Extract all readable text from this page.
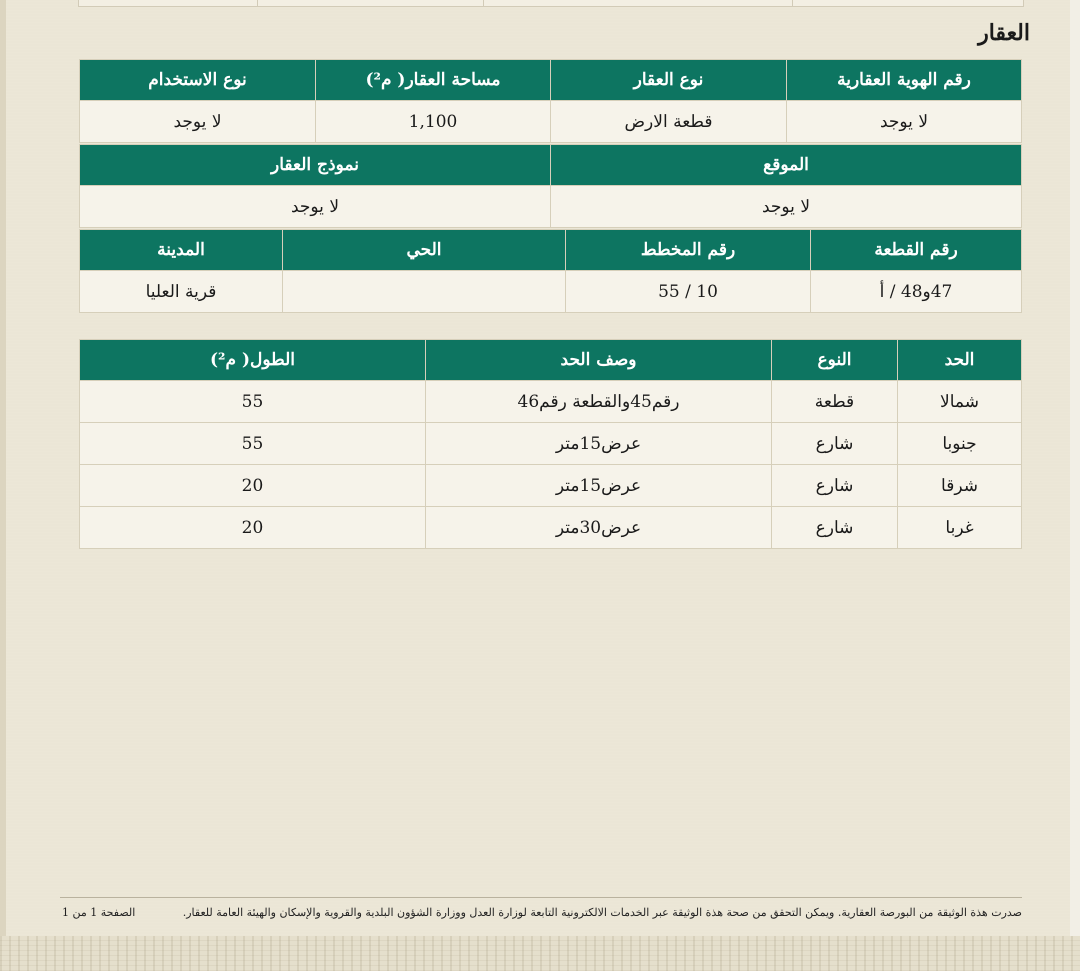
العقار
رقم الهوية العقارية	نوع العقار	مساحة العقار( م²)	نوع الاستخدام
لا يوجد	قطعة الارض	1,100	لا يوجد
الموقع	نموذج العقار
لا يوجد	لا يوجد
رقم القطعة	رقم المخطط	الحي	المدينة
47و48 / أ	10 / 55		قرية العليا
الحد	النوع	وصف الحد	الطول( م²)
شمالا	قطعة	رقم45والقطعة رقم46	55
جنوبا	شارع	عرض15متر	55
شرقا	شارع	عرض15متر	20
غربا	شارع	عرض30متر	20
صدرت هذة الوثيقة من البورصة العقارية. ويمكن التحقق من صحة هذة الوثيقة عبر الخدمات الالكترونية التابعة لوزارة العدل ووزارة الشؤون البلدية والقروية والإسكان والهيئة العامة للعقار.
الصفحة 1 من 1
